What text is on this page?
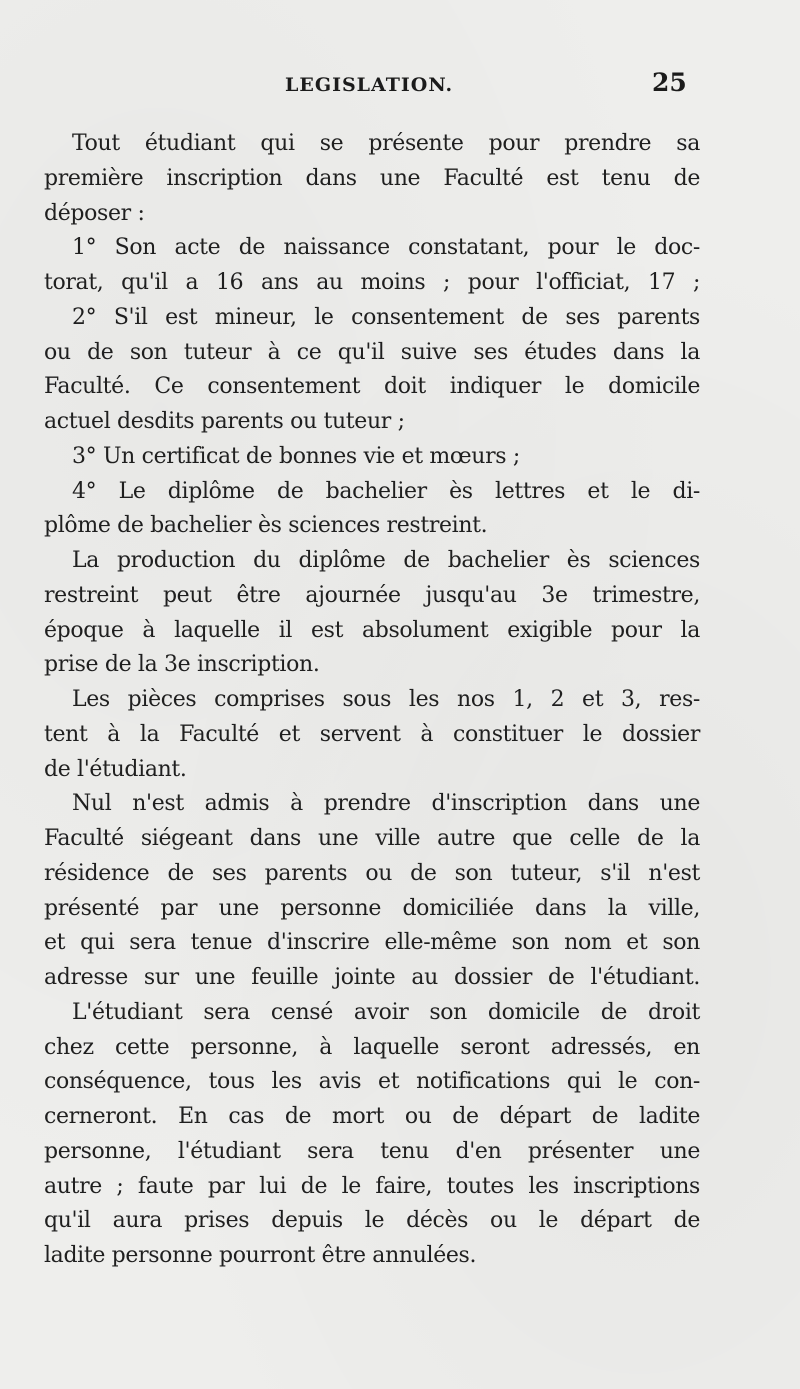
LEGISLATION.	25
Tout étudiant qui se présente pour prendre sa
première inscription dans une Faculté est tenu de
déposer :
1° Son acte de naissance constatant, pour le doc-
torat, qu'il a 16 ans au moins ; pour l'officiat, 17 ;
2° S'il est mineur, le consentement de ses parents
ou de son tuteur à ce qu'il suive ses études dans la
Faculté. Ce consentement doit indiquer le domicile
actuel desdits parents ou tuteur ;
3° Un certificat de bonnes vie et mœurs ;
4° Le diplôme de bachelier ès lettres et le di-
plôme de bachelier ès sciences restreint.
La production du diplôme de bachelier ès sciences
restreint peut être ajournée jusqu'au 3e trimestre,
époque à laquelle il est absolument exigible pour la
prise de la 3e inscription.
Les pièces comprises sous les nos 1, 2 et 3, res-
tent à la Faculté et servent à constituer le dossier
de l'étudiant.
Nul n'est admis à prendre d'inscription dans une
Faculté siégeant dans une ville autre que celle de la
résidence de ses parents ou de son tuteur, s'il n'est
présenté par une personne domiciliée dans la ville,
et qui sera tenue d'inscrire elle-même son nom et son
adresse sur une feuille jointe au dossier de l'étudiant.
L'étudiant sera censé avoir son domicile de droit
chez cette personne, à laquelle seront adressés, en
conséquence, tous les avis et notifications qui le con-
cerneront. En cas de mort ou de départ de ladite
personne, l'étudiant sera tenu d'en présenter une
autre ; faute par lui de le faire, toutes les inscriptions
qu'il aura prises depuis le décès ou le départ de
ladite personne pourront être annulées.
